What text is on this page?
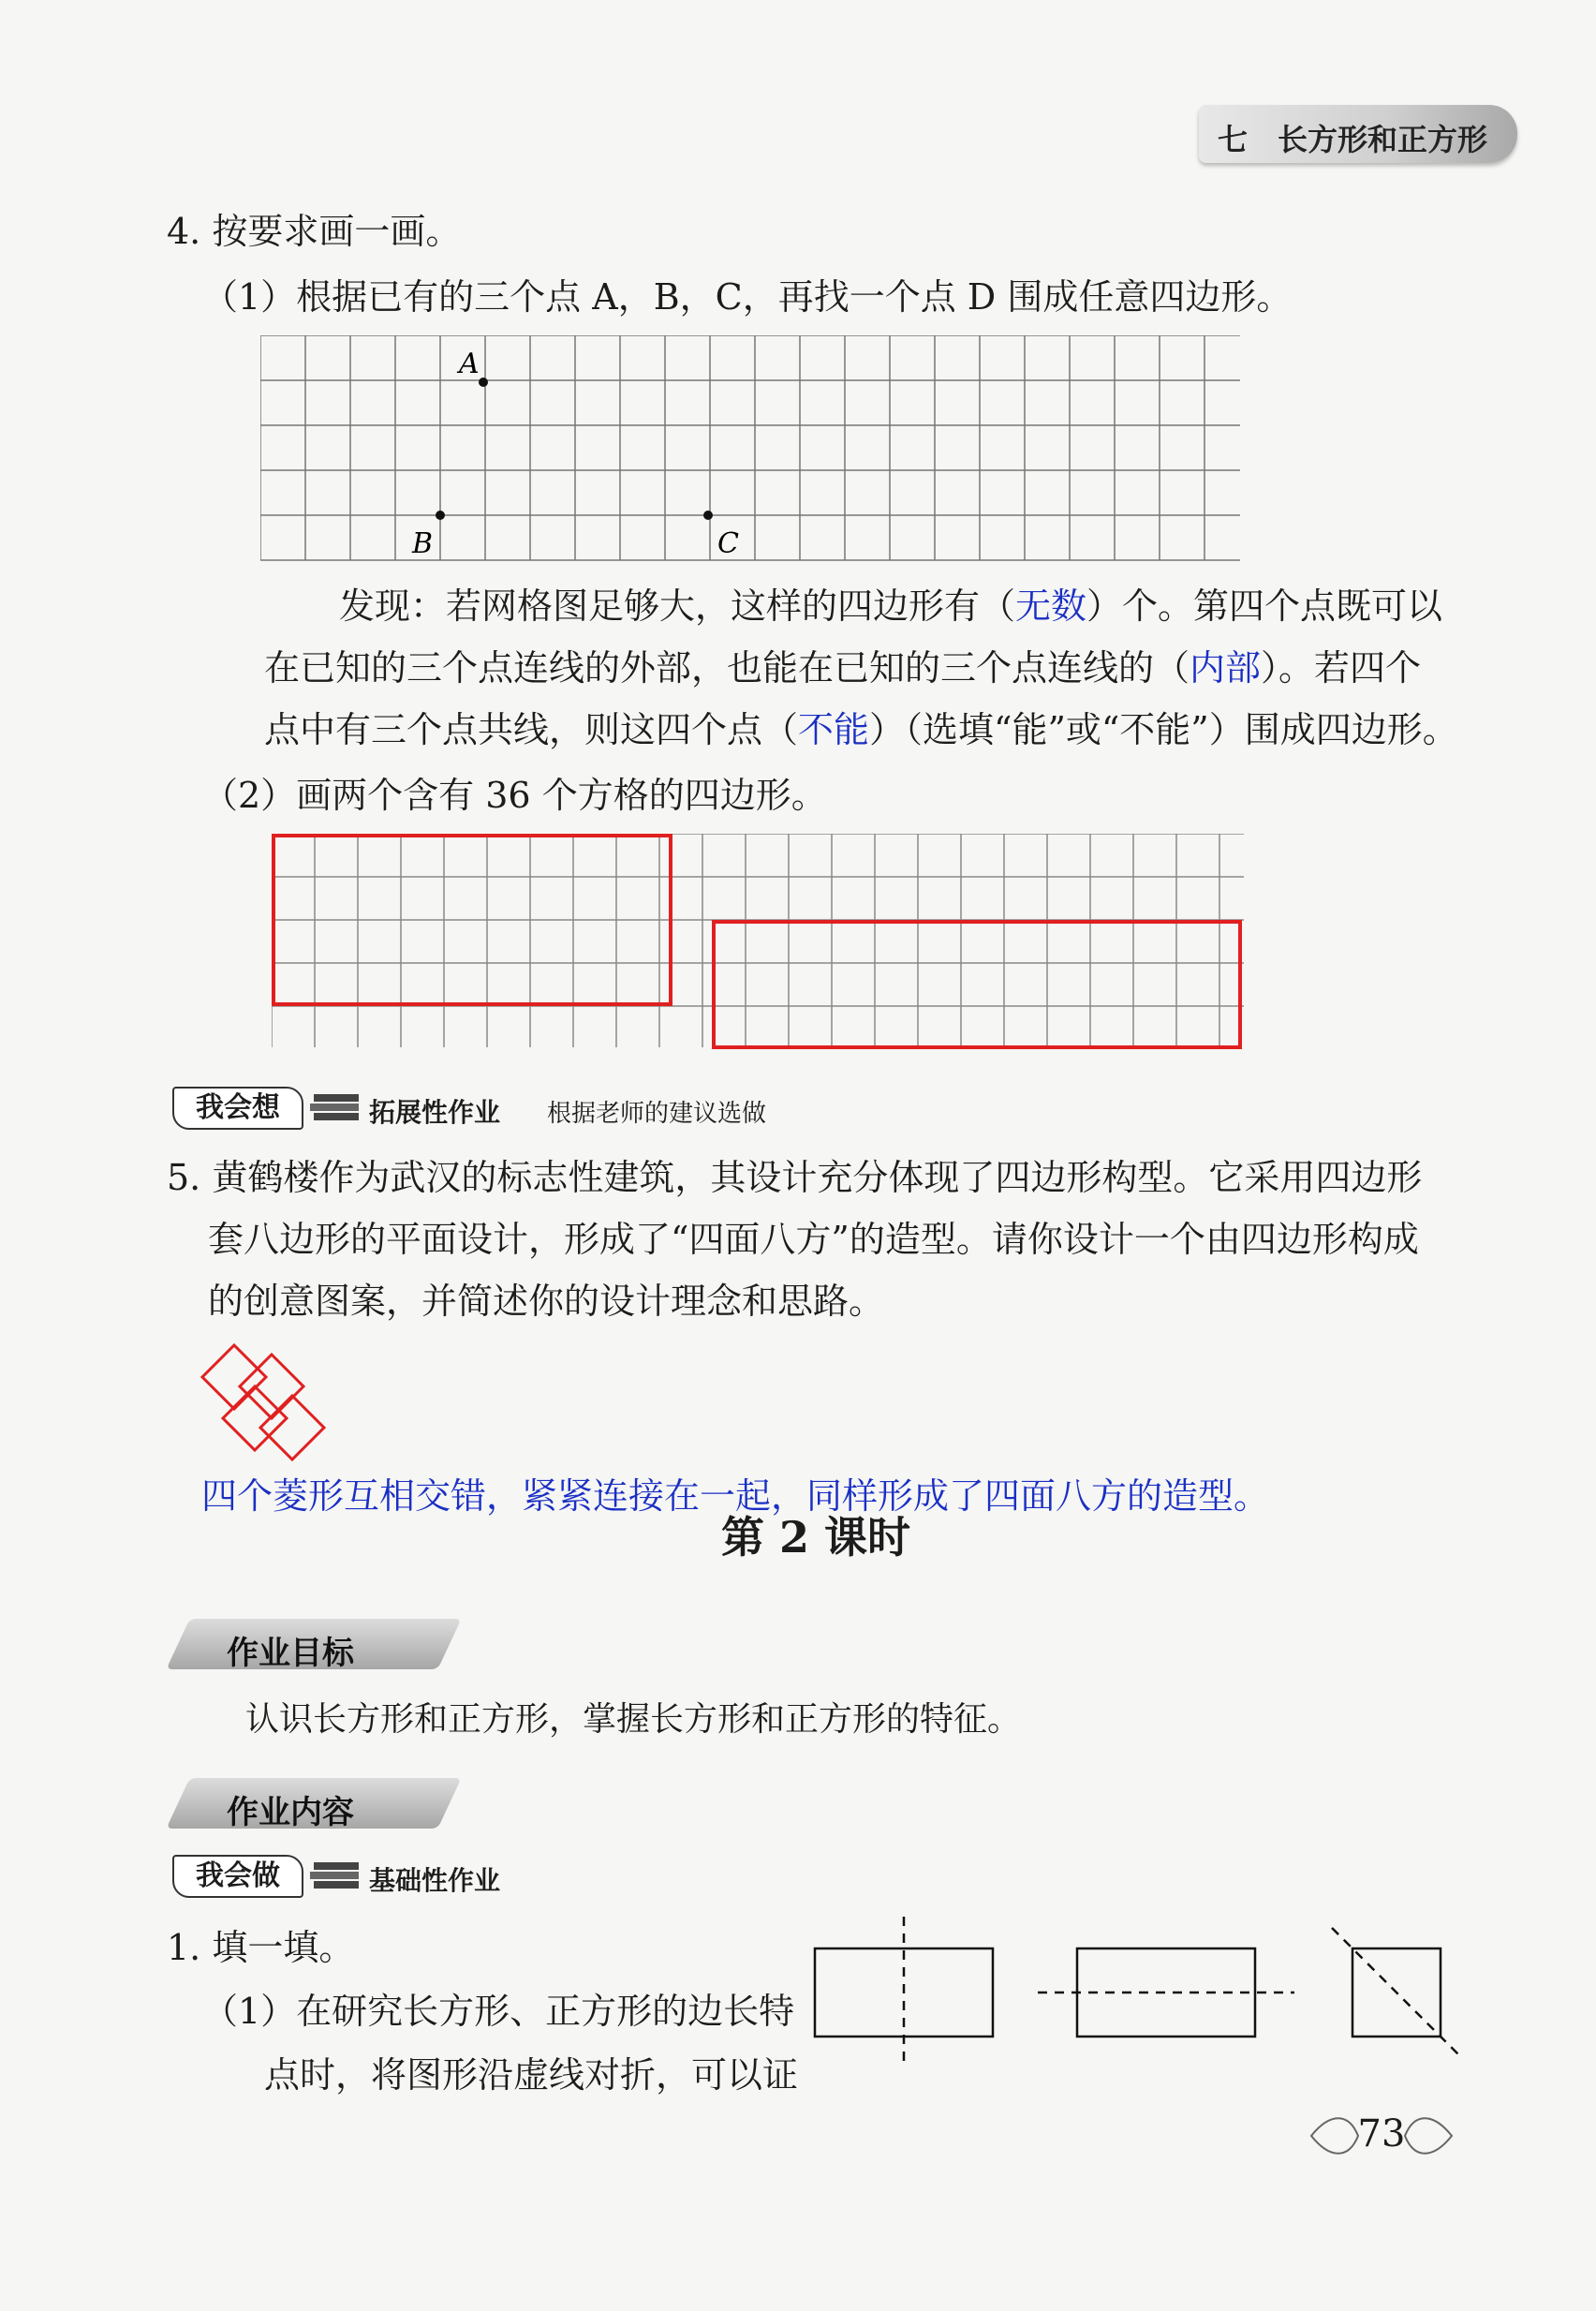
七　长方形和正方形
4. 按要求画一画。
（1）根据已有的三个点 A，B，C，再找一个点 D 围成任意四边形。
A
B	C
发现：若网格图足够大，这样的四边形有（无数）个。第四个点既可以
在已知的三个点连线的外部，也能在已知的三个点连线的（内部）。若四个
点中有三个点共线，则这四个点（不能）（选填“能”或“不能”）围成四边形。
（2）画两个含有 36 个方格的四边形。
我会想	拓展性作业 根据老师的建议选做
5. 黄鹤楼作为武汉的标志性建筑，其设计充分体现了四边形构型。它采用四边形
套八边形的平面设计，形成了“四面八方”的造型。请你设计一个由四边形构成
的创意图案，并简述你的设计理念和思路。
四个菱形互相交错，紧紧连接在一起，同样形成了四面八方的造型。
第 2 课时
作业目标
认识长方形和正方形，掌握长方形和正方形的特征。
作业内容
我会做	基础性作业
1. 填一填。
（1）在研究长方形、正方形的边长特
点时，将图形沿虚线对折，可以证
73
